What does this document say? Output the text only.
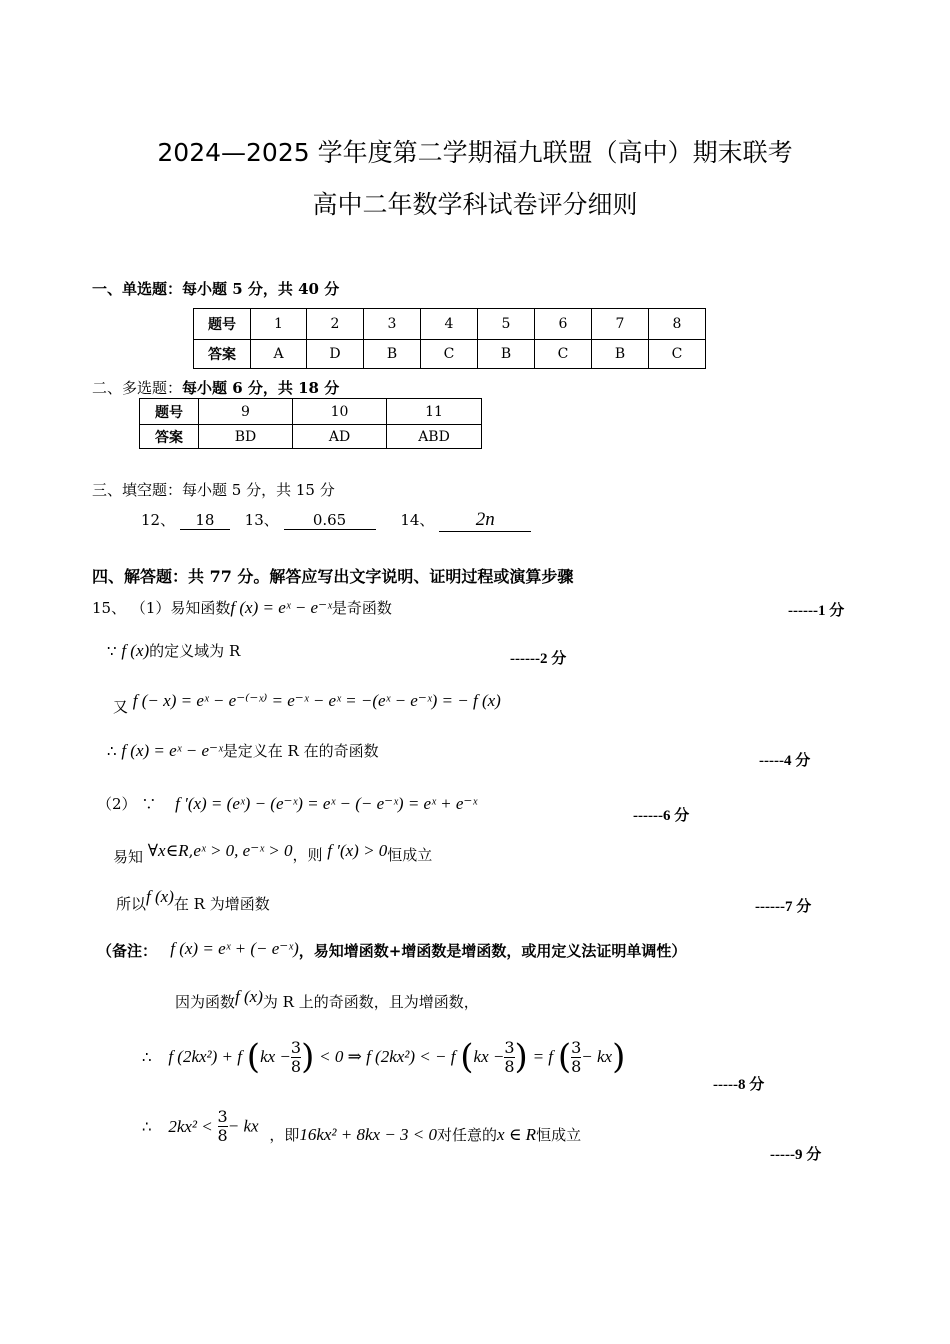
2024—2025 学年度第二学期福九联盟（高中）期末联考
高中二年数学科试卷评分细则
一、单选题：每小题 5 分，共 40 分
题号	1	2	3	4	5	6	7	8
答案	A	D	B	C	B	C	B	C
二、多选题：每小题 6 分，共 18 分
题号	9	10	11
答案	BD	AD	ABD
三、填空题：每小题 5 分，共 15 分
12、 18 13、 0.65	14、 2n
四、解答题：共 77 分。解答应写出文字说明、证明过程或演算步骤
15、 （1）易知函数f (x) = eˣ − e⁻ˣ是奇函数	------1 分
∵ f (x)的定义域为 R	------2 分
又 f (− x) = eˣ − e⁻⁽⁻ˣ⁾ = e⁻ˣ − eˣ = −(eˣ − e⁻ˣ) = − f (x)
∴ f (x) = eˣ − e⁻ˣ是定义在 R 在的奇函数
-----4 分
（2） ∵ f ′(x) = (eˣ) − (e⁻ˣ) = eˣ − (− e⁻ˣ) = eˣ + e⁻ˣ
------6 分
易知 ∀x∈R,eˣ > 0, e⁻ˣ > 0，则 f ′(x) > 0恒成立
所以f (x)在 R 为增函数	------7 分
（备注： f (x) = eˣ + (− e⁻ˣ)，易知增函数+增函数是增函数，或用定义法证明单调性）
因为函数f (x)为 R 上的奇函数，且为增函数，
∴ f (2kx²) + f ($kx - \frac{3}{8}$ ) < 0 ⇒ f (2kx²) < − f ($kx - \frac{3}{8}$ ) = f ( $\frac{3}{8} - kx$)
-----8 分
∴ $2kx^2 < \frac{3}{8}$ − kx ，即16kx² + 8kx − 3 < 0对任意的x ∈ R恒成立
-----9 分
